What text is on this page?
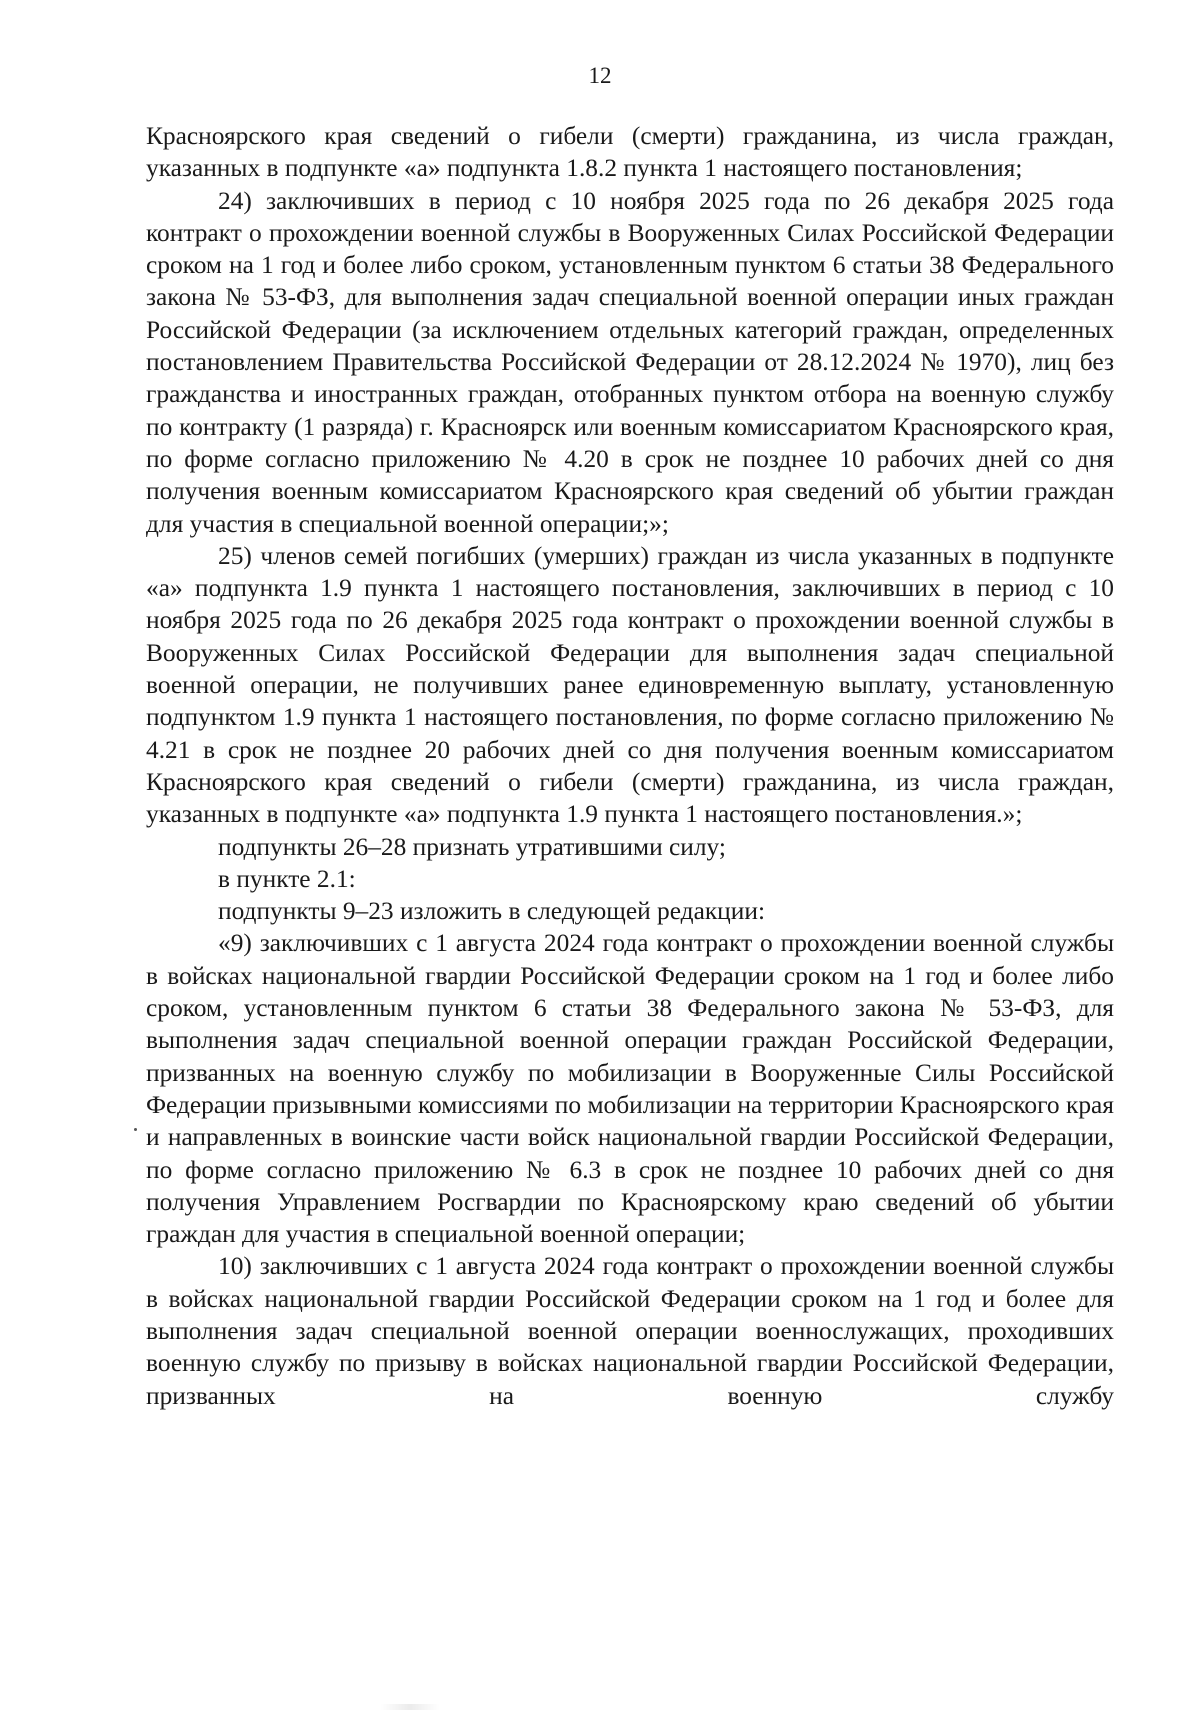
12

Красноярского края сведений о гибели (смерти) гражданина, из числа граждан, указанных в подпункте «а» подпункта 1.8.2 пункта 1 настоящего постановления;

24) заключивших в период с 10 ноября 2025 года по 26 декабря 2025 года контракт о прохождении военной службы в Вооруженных Силах Российской Федерации сроком на 1 год и более либо сроком, установленным пунктом 6 статьи 38 Федерального закона № 53-ФЗ, для выполнения задач специальной военной операции иных граждан Российской Федерации (за исключением отдельных категорий граждан, определенных постановлением Правительства Российской Федерации от 28.12.2024 № 1970), лиц без гражданства и иностранных граждан, отобранных пунктом отбора на военную службу по контракту (1 разряда) г. Красноярск или военным комиссариатом Красноярского края, по форме согласно приложению № 4.20 в срок не позднее 10 рабочих дней со дня получения военным комиссариатом Красноярского края сведений об убытии граждан для участия в специальной военной операции;»;

25) членов семей погибших (умерших) граждан из числа указанных в подпункте «а» подпункта 1.9 пункта 1 настоящего постановления, заключивших в период с 10 ноября 2025 года по 26 декабря 2025 года контракт о прохождении военной службы в Вооруженных Силах Российской Федерации для выполнения задач специальной военной операции, не получивших ранее единовременную выплату, установленную подпунктом 1.9 пункта 1 настоящего постановления, по форме согласно приложению № 4.21 в срок не позднее 20 рабочих дней со дня получения военным комиссариатом Красноярского края сведений о гибели (смерти) гражданина, из числа граждан, указанных в подпункте «а» подпункта 1.9 пункта 1 настоящего постановления.»;

подпункты 26–28 признать утратившими силу;

в пункте 2.1:

подпункты 9–23 изложить в следующей редакции:

«9) заключивших с 1 августа 2024 года контракт о прохождении военной службы в войсках национальной гвардии Российской Федерации сроком на 1 год и более либо сроком, установленным пунктом 6 статьи 38 Федерального закона № 53-ФЗ, для выполнения задач специальной военной операции граждан Российской Федерации, призванных на военную службу по мобилизации в Вооруженные Силы Российской Федерации призывными комиссиями по мобилизации на территории Красноярского края и направленных в воинские части войск национальной гвардии Российской Федерации, по форме согласно приложению № 6.3 в срок не позднее 10 рабочих дней со дня получения Управлением Росгвардии по Красноярскому краю сведений об убытии граждан для участия в специальной военной операции;

10) заключивших с 1 августа 2024 года контракт о прохождении военной службы в войсках национальной гвардии Российской Федерации сроком на 1 год и более для выполнения задач специальной военной операции военнослужащих, проходивших военную службу по призыву в войсках национальной гвардии Российской Федерации, призванных на военную службу
